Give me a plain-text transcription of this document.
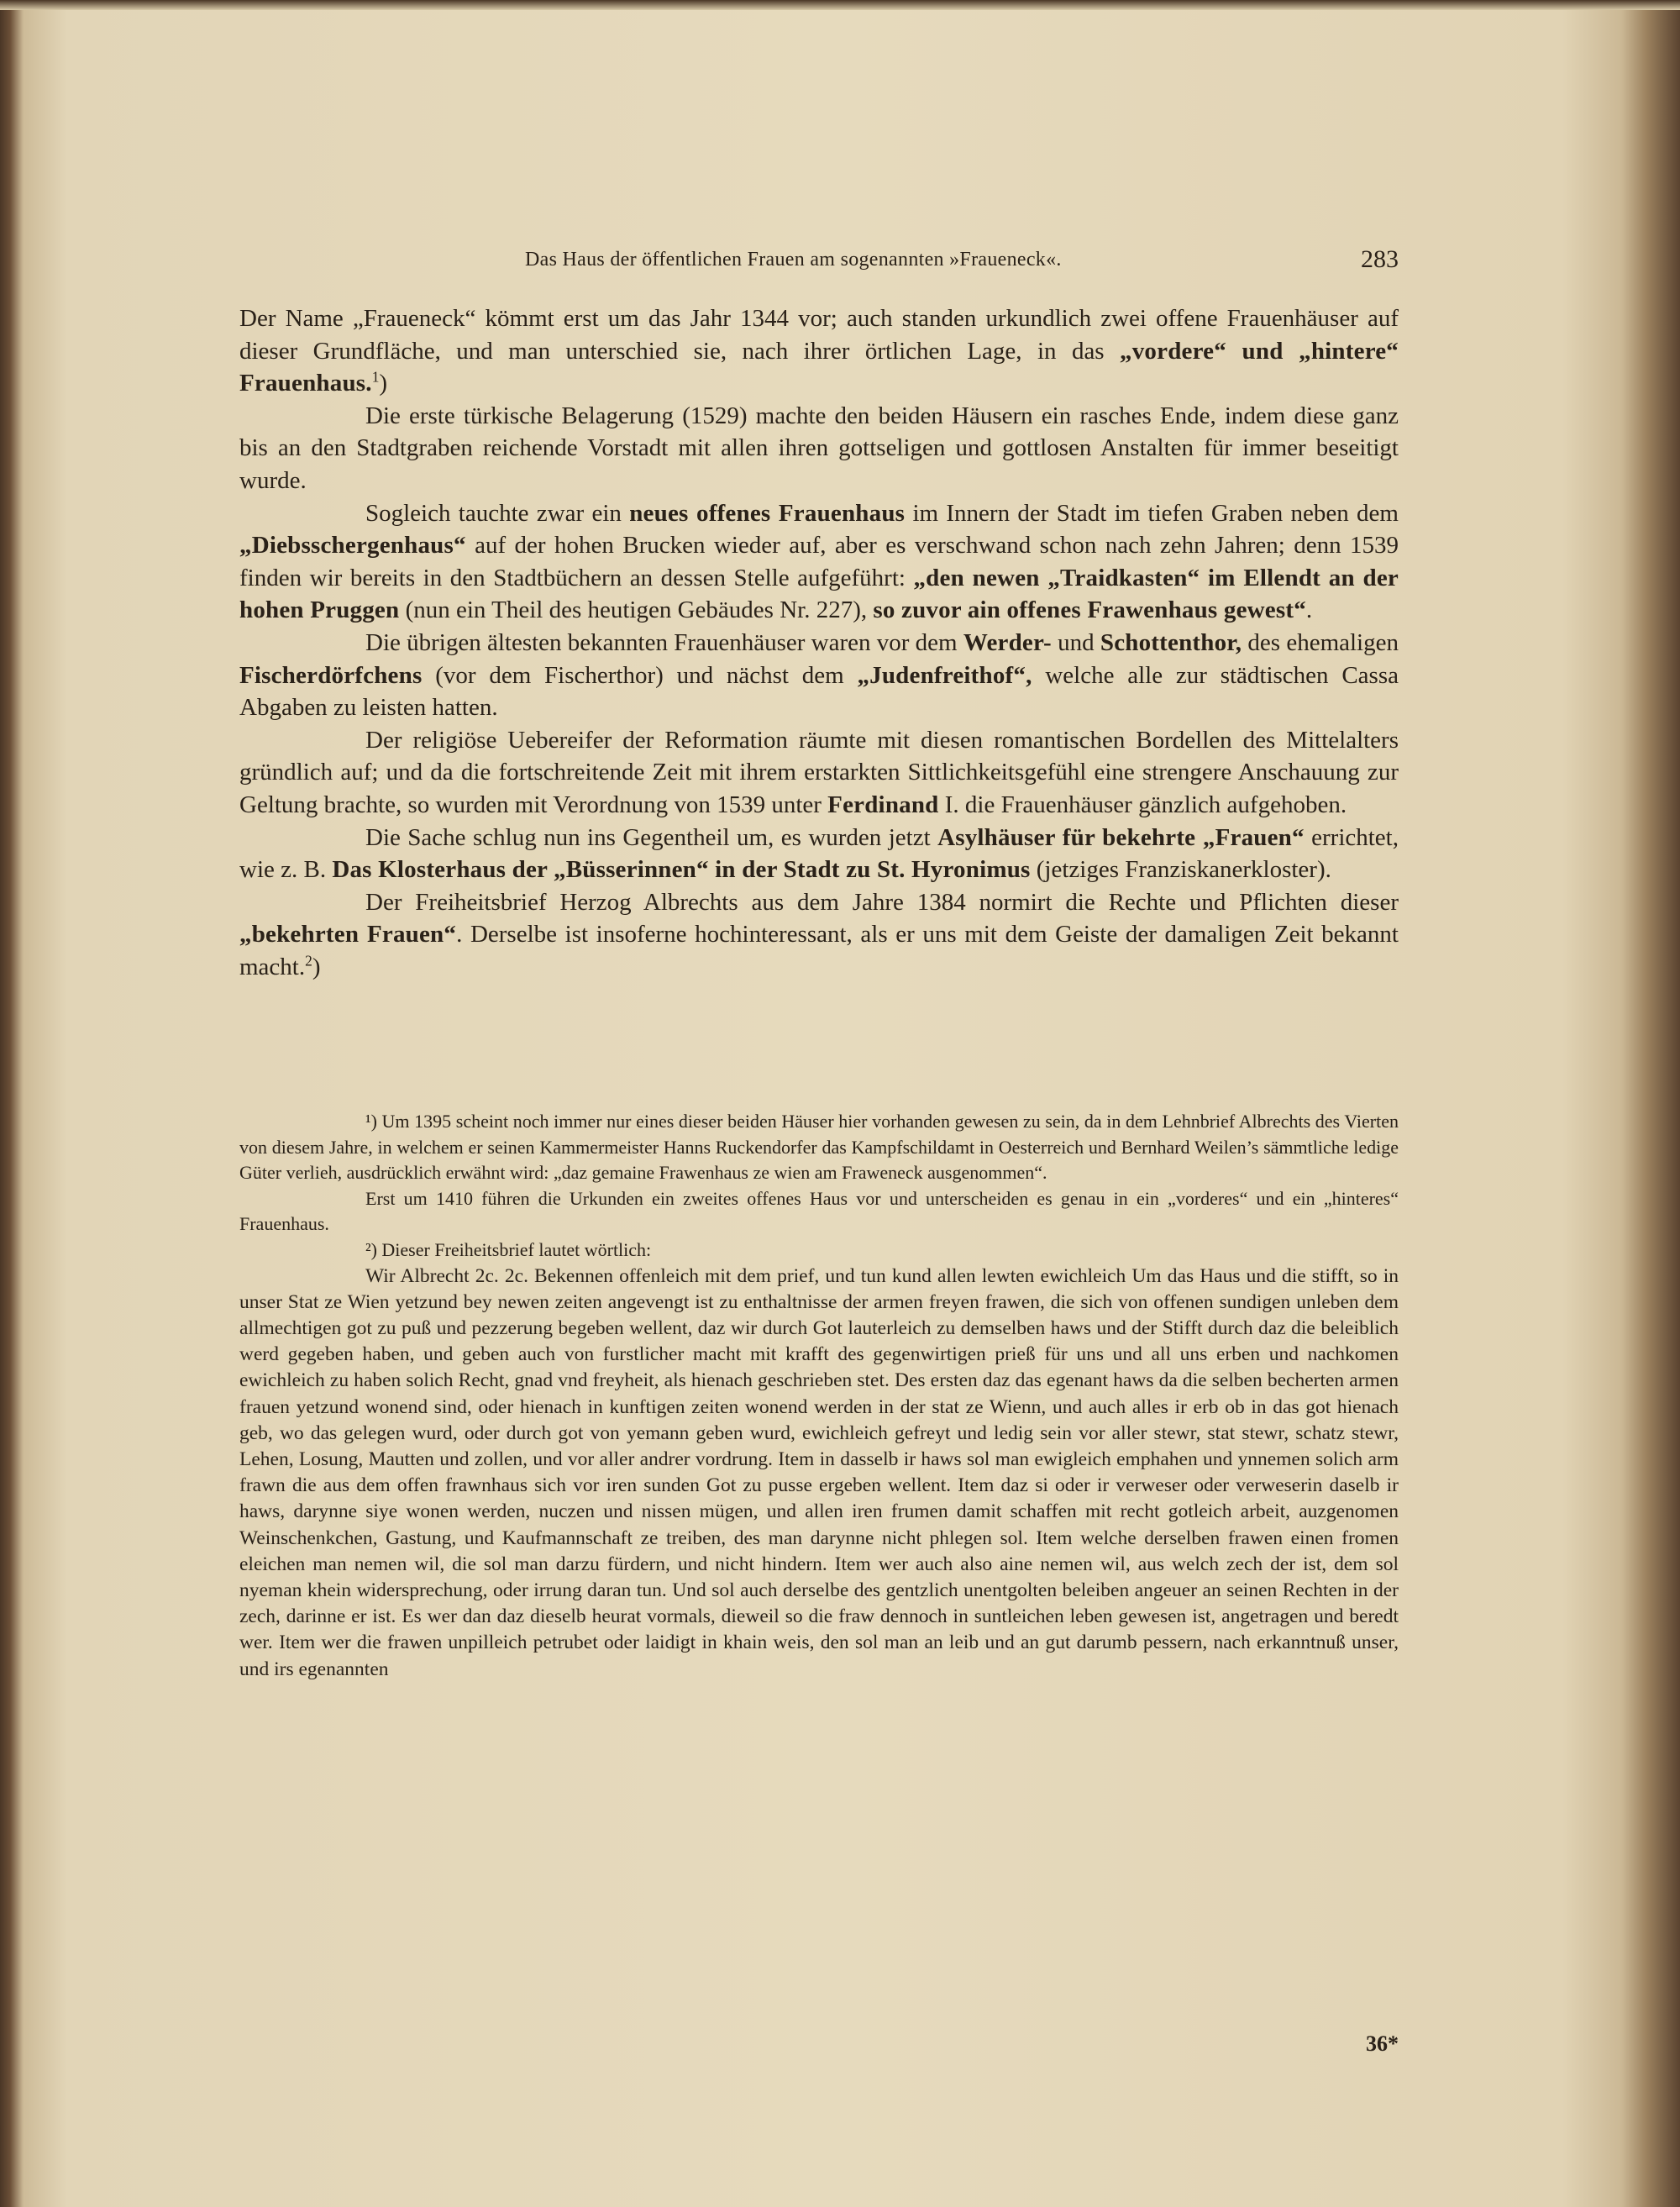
Das Haus der öffentlichen Frauen am sogenannten »Fraueneck«.	283

Der Name „Fraueneck“ kömmt erst um das Jahr 1344 vor; auch standen urkundlich zwei offene Frauenhäuser auf dieser Grundfläche, und man unterschied sie, nach ihrer örtlichen Lage, in das „vordere“ und „hintere“ Frauenhaus.$^1$)

Die erste türkische Belagerung (1529) machte den beiden Häusern ein rasches Ende, indem diese ganz bis an den Stadtgraben reichende Vorstadt mit allen ihren gottseligen und gottlosen Anstalten für immer beseitigt wurde.

Sogleich tauchte zwar ein neues offenes Frauenhaus im Innern der Stadt im tiefen Graben neben dem „Diebsschergenhaus“ auf der hohen Brucken wieder auf, aber es verschwand schon nach zehn Jahren; denn 1539 finden wir bereits in den Stadtbüchern an dessen Stelle aufgeführt: „den newen „Traidkasten“ im Ellendt an der hohen Pruggen (nun ein Theil des heutigen Gebäudes Nr. 227), so zuvor ain offenes Frawenhaus gewest“.

Die übrigen ältesten bekannten Frauenhäuser waren vor dem Werder- und Schottenthor, des ehemaligen Fischerdörfchens (vor dem Fischerthor) und nächst dem „Judenfreithof“, welche alle zur städtischen Cassa Abgaben zu leisten hatten.

Der religiöse Uebereifer der Reformation räumte mit diesen romantischen Bordellen des Mittelalters gründlich auf; und da die fortschreitende Zeit mit ihrem erstarkten Sittlichkeitsgefühl eine strengere Anschauung zur Geltung brachte, so wurden mit Verordnung von 1539 unter Ferdinand I. die Frauenhäuser gänzlich aufgehoben.

Die Sache schlug nun ins Gegentheil um, es wurden jetzt Asylhäuser für bekehrte „Frauen“ errichtet, wie z. B. Das Klosterhaus der „Büsserinnen“ in der Stadt zu St. Hyronimus (jetziges Franziskanerkloster).

Der Freiheitsbrief Herzog Albrechts aus dem Jahre 1384 normirt die Rechte und Pflichten dieser „bekehrten Frauen“. Derselbe ist insoferne hochinteressant, als er uns mit dem Geiste der damaligen Zeit bekannt macht.$^2$)

¹) Um 1395 scheint noch immer nur eines dieser beiden Häuser hier vorhanden gewesen zu sein, da in dem Lehnbrief Albrechts des Vierten von diesem Jahre, in welchem er seinen Kammermeister Hanns Ruckendorfer das Kampfschildamt in Oesterreich und Bernhard Weilen’s sämmtliche ledige Güter verlieh, ausdrücklich erwähnt wird: „daz gemaine Frawenhaus ze wien am Fraweneck ausgenommen“.

Erst um 1410 führen die Urkunden ein zweites offenes Haus vor und unterscheiden es genau in ein „vorderes“ und ein „hinteres“ Frauenhaus.

²) Dieser Freiheitsbrief lautet wörtlich:

Wir Albrecht 2c. 2c. Bekennen offenleich mit dem prief, und tun kund allen lewten ewichleich Um das Haus und die stifft, so in unser Stat ze Wien yetzund bey newen zeiten angevengt ist zu enthaltnisse der armen freyen frawen, die sich von offenen sundigen unleben dem allmechtigen got zu puß und pezzerung begeben wellent, daz wir durch Got lauterleich zu demselben haws und der Stifft durch daz die beleiblich werd gegeben haben, und geben auch von furstlicher macht mit krafft des gegenwirtigen prieß für uns und all uns erben und nachkomen ewichleich zu haben solich Recht, gnad vnd freyheit, als hienach geschrieben stet. Des ersten daz das egenant haws da die selben becherten armen frauen yetzund wonend sind, oder hienach in kunftigen zeiten wonend werden in der stat ze Wienn, und auch alles ir erb ob in das got hienach geb, wo das gelegen wurd, oder durch got von yemann geben wurd, ewichleich gefreyt und ledig sein vor aller stewr, stat stewr, schatz stewr, Lehen, Losung, Mautten und zollen, und vor aller andrer vordrung. Item in dasselb ir haws sol man ewigleich emphahen und ynnemen solich arm frawn die aus dem offen frawnhaus sich vor iren sunden Got zu pusse ergeben wellent. Item daz si oder ir verweser oder verweserin daselb ir haws, darynne siye wonen werden, nuczen und nissen mügen, und allen iren frumen damit schaffen mit recht gotleich arbeit, auzgenomen Weinschenkchen, Gastung, und Kaufmannschaft ze treiben, des man darynne nicht phlegen sol. Item welche derselben frawen einen fromen eleichen man nemen wil, die sol man darzu fürdern, und nicht hindern. Item wer auch also aine nemen wil, aus welch zech der ist, dem sol nyeman khein widersprechung, oder irrung daran tun. Und sol auch derselbe des gentzlich unentgolten beleiben angeuer an seinen Rechten in der zech, darinne er ist. Es wer dan daz dieselb heurat vormals, dieweil so die fraw dennoch in suntleichen leben gewesen ist, angetragen und beredt wer. Item wer die frawen unpilleich petrubet oder laidigt in khain weis, den sol man an leib und an gut darumb pessern, nach erkanntnuß unser, und irs egenannten

36*
